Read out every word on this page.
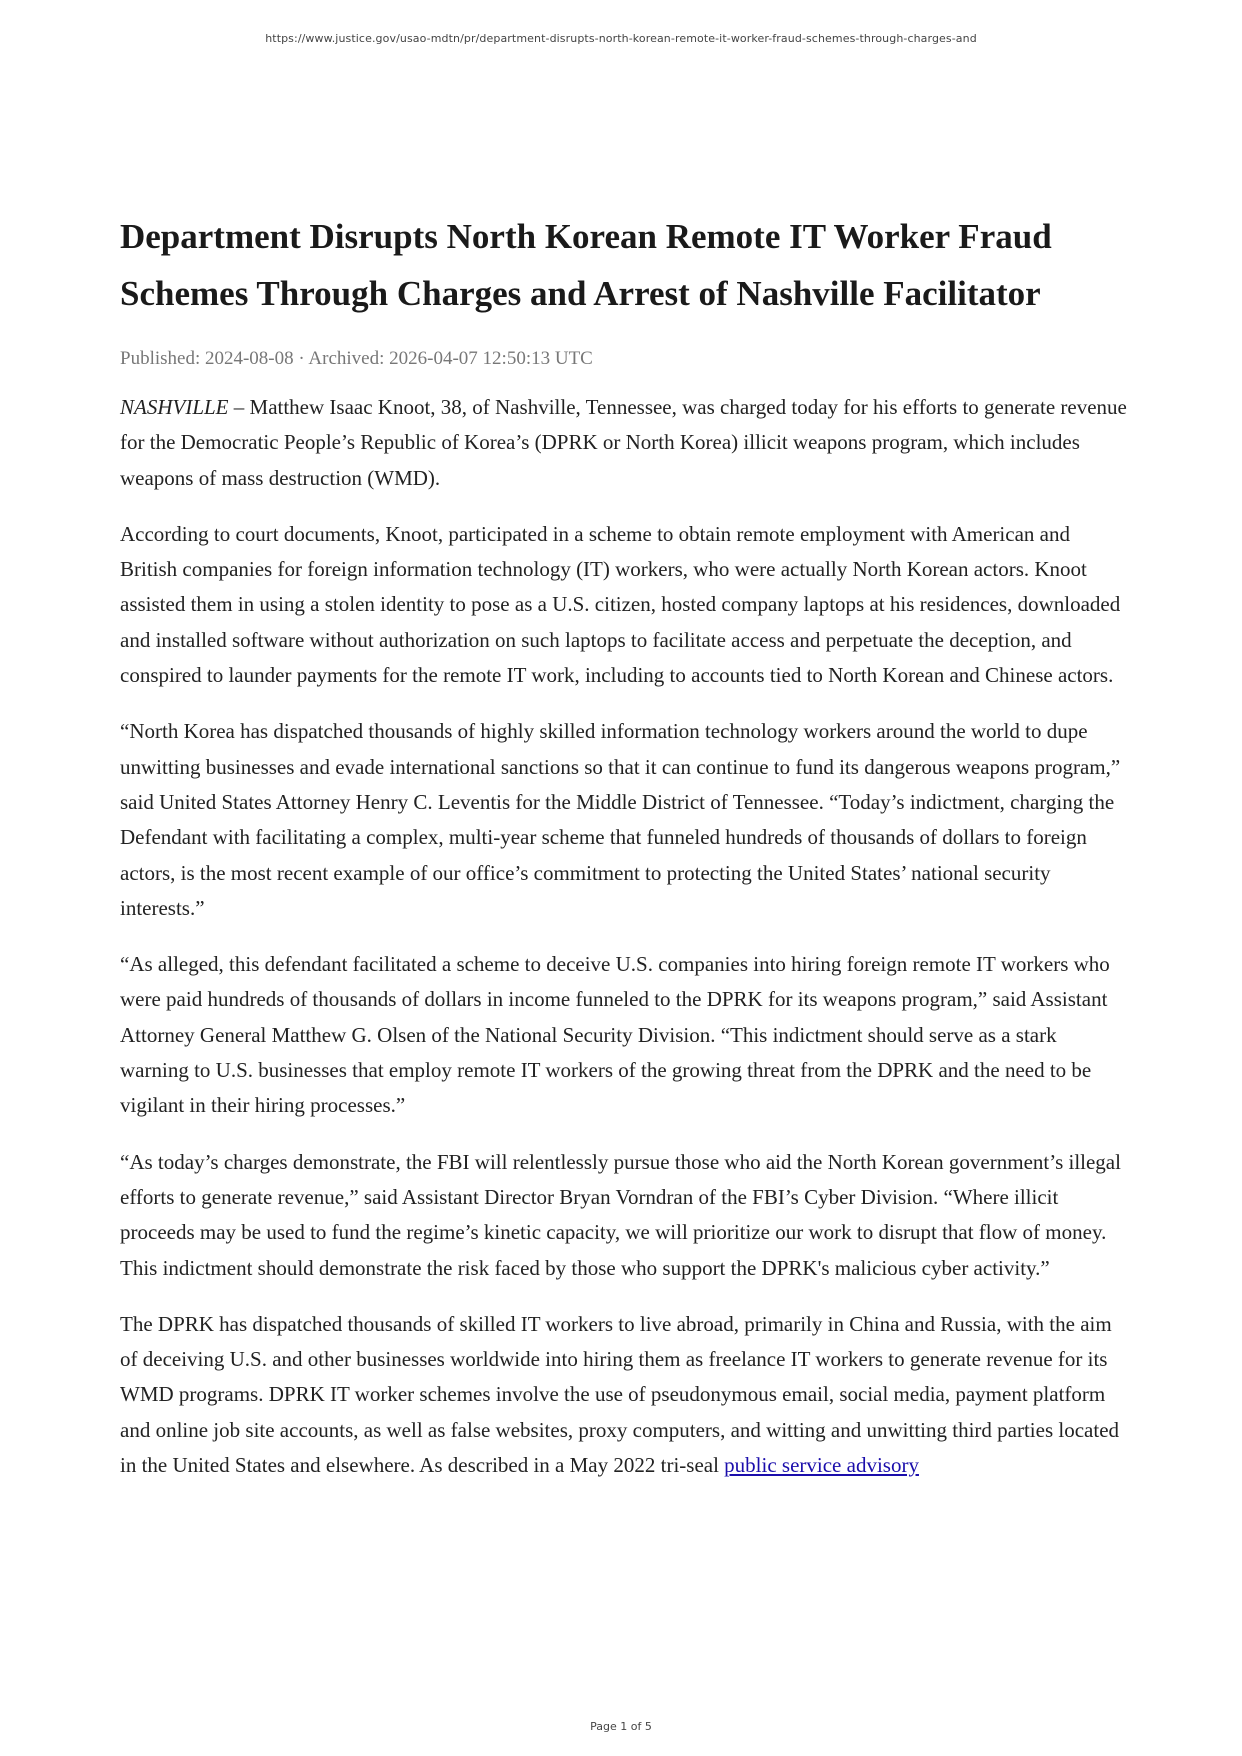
https://www.justice.gov/usao-mdtn/pr/department-disrupts-north-korean-remote-it-worker-fraud-schemes-through-charges-and
Department Disrupts North Korean Remote IT Worker Fraud Schemes Through Charges and Arrest of Nashville Facilitator
Published: 2024-08-08 · Archived: 2026-04-07 12:50:13 UTC

NASHVILLE – Matthew Isaac Knoot, 38, of Nashville, Tennessee, was charged today for his efforts to generate revenue for the Democratic People’s Republic of Korea’s (DPRK or North Korea) illicit weapons program, which includes weapons of mass destruction (WMD).

According to court documents, Knoot, participated in a scheme to obtain remote employment with American and British companies for foreign information technology (IT) workers, who were actually North Korean actors. Knoot assisted them in using a stolen identity to pose as a U.S. citizen, hosted company laptops at his residences, downloaded and installed software without authorization on such laptops to facilitate access and perpetuate the deception, and conspired to launder payments for the remote IT work, including to accounts tied to North Korean and Chinese actors.

“North Korea has dispatched thousands of highly skilled information technology workers around the world to dupe unwitting businesses and evade international sanctions so that it can continue to fund its dangerous weapons program,” said United States Attorney Henry C. Leventis for the Middle District of Tennessee. “Today’s indictment, charging the Defendant with facilitating a complex, multi-year scheme that funneled hundreds of thousands of dollars to foreign actors, is the most recent example of our office’s commitment to protecting the United States’ national security interests.”

“As alleged, this defendant facilitated a scheme to deceive U.S. companies into hiring foreign remote IT workers who were paid hundreds of thousands of dollars in income funneled to the DPRK for its weapons program,” said Assistant Attorney General Matthew G. Olsen of the National Security Division. “This indictment should serve as a stark warning to U.S. businesses that employ remote IT workers of the growing threat from the DPRK and the need to be vigilant in their hiring processes.”

“As today’s charges demonstrate, the FBI will relentlessly pursue those who aid the North Korean government’s illegal efforts to generate revenue,” said Assistant Director Bryan Vorndran of the FBI’s Cyber Division. “Where illicit proceeds may be used to fund the regime’s kinetic capacity, we will prioritize our work to disrupt that flow of money. This indictment should demonstrate the risk faced by those who support the DPRK's malicious cyber activity.”

The DPRK has dispatched thousands of skilled IT workers to live abroad, primarily in China and Russia, with the aim of deceiving U.S. and other businesses worldwide into hiring them as freelance IT workers to generate revenue for its WMD programs. DPRK IT worker schemes involve the use of pseudonymous email, social media, payment platform and online job site accounts, as well as false websites, proxy computers, and witting and unwitting third parties located in the United States and elsewhere. As described in a May 2022 tri-seal public service advisory

Page 1 of 5
